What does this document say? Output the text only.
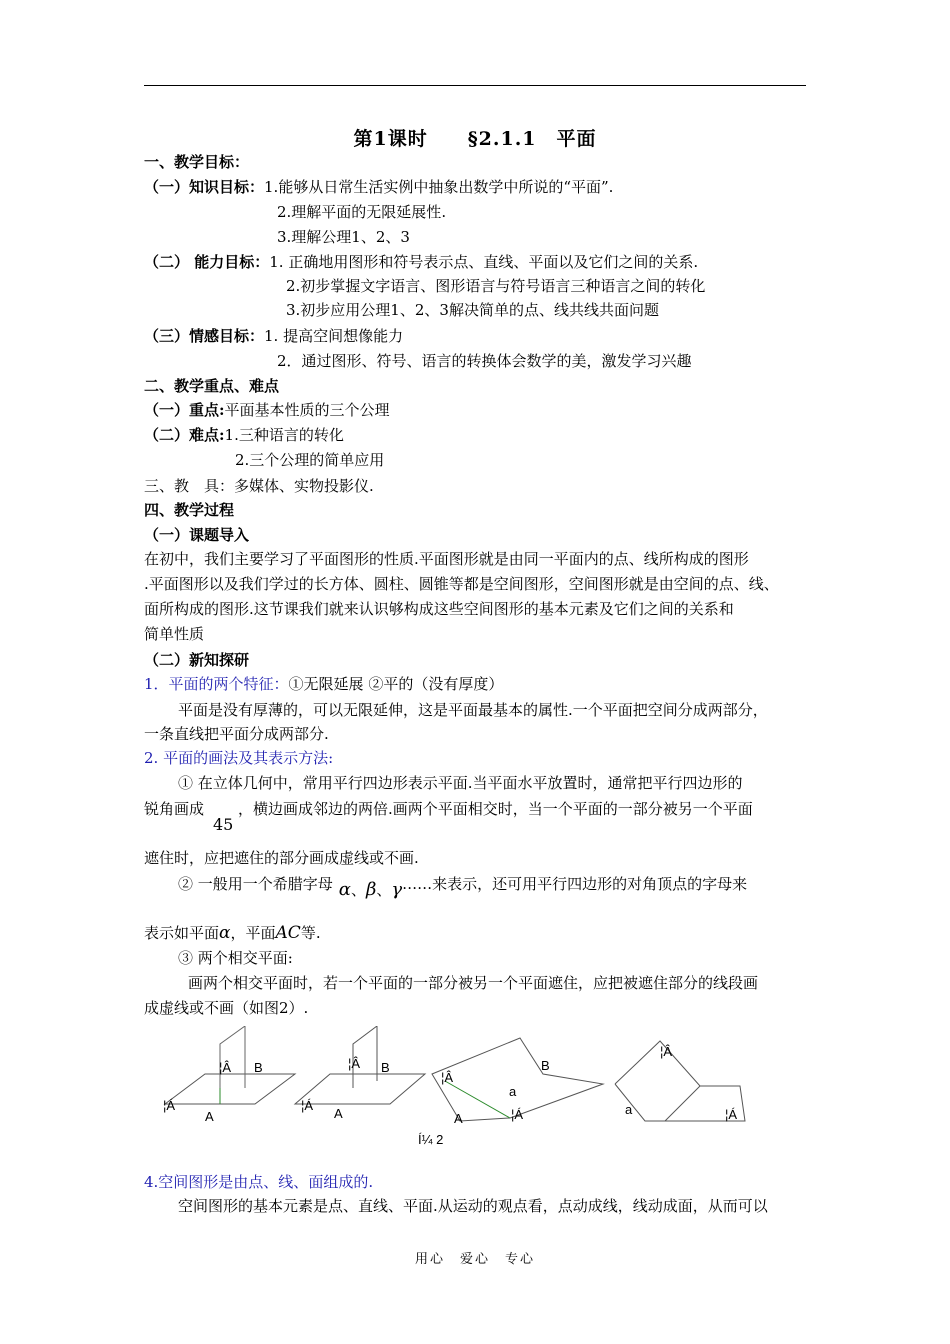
第1课时 §2.1.1　平面
一、教学目标：
（一）知识目标：1.能够从日常生活实例中抽象出数学中所说的“平面”.
2.理解平面的无限延展性.
3.理解公理1、2、3
（二） 能力目标：1. 正确地用图形和符号表示点、直线、平面以及它们之间的关系.
2.初步掌握文字语言、图形语言与符号语言三种语言之间的转化
3.初步应用公理1、2、3解决简单的点、线共线共面问题
（三）情感目标：1. 提高空间想像能力
2．通过图形、符号、语言的转换体会数学的美，激发学习兴趣
二、教学重点、难点
（一）重点:平面基本性质的三个公理
（二）难点:1.三种语言的转化
2.三个公理的简单应用
三、教　具：多媒体、实物投影仪.
四、教学过程
（一）课题导入
在初中，我们主要学习了平面图形的性质.平面图形就是由同一平面内的点、线所构成的图形
.平面图形以及我们学过的长方体、圆柱、圆锥等都是空间图形，空间图形就是由空间的点、线、
面所构成的图形.这节课我们就来认识够构成这些空间图形的基本元素及它们之间的关系和
简单性质
（二）新知探研
1．平面的两个特征：①无限延展 ②平的（没有厚度）
平面是没有厚薄的，可以无限延伸，这是平面最基本的属性.一个平面把空间分成两部分，
一条直线把平面分成两部分.
2. 平面的画法及其表示方法:
① 在立体几何中，常用平行四边形表示平面.当平面水平放置时，通常把平行四边形的
锐角画成
45
，横边画成邻边的两倍.画两个平面相交时，当一个平面的一部分被另一个平面
遮住时，应把遮住的部分画成虚线或不画.
② 一般用一个希腊字母 α、β、γ……来表示，还可用平行四边形的对角顶点的字母来
表示如平面α，平面AC等.
③ 两个相交平面:
画两个相交平面时，若一个平面的一部分被另一个平面遮住，应把被遮住部分的线段画
成虚线或不画（如图2）.
¦Â B
¦Á
A
¦Â B
¦Á
A
¦Â
B
a
A	¦Á
¦Â
a	¦Á
Í¼ 2
4.空间图形是由点、线、面组成的.
空间图形的基本元素是点、直线、平面.从运动的观点看，点动成线，线动成面，从而可以
用心　爱心　专心
